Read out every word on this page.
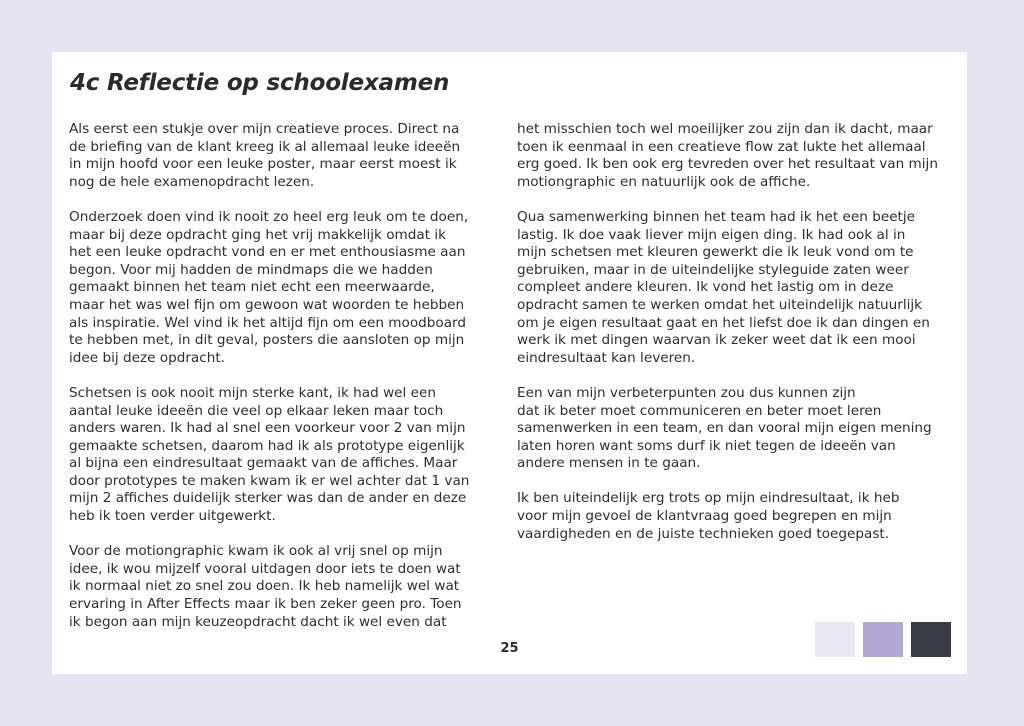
4c Reflectie op schoolexamen

Als eerst een stukje over mijn creatieve proces. Direct na
de briefing van de klant kreeg ik al allemaal leuke ideeën
in mijn hoofd voor een leuke poster, maar eerst moest ik
nog de hele examenopdracht lezen.

Onderzoek doen vind ik nooit zo heel erg leuk om te doen,
maar bij deze opdracht ging het vrij makkelijk omdat ik
het een leuke opdracht vond en er met enthousiasme aan
begon. Voor mij hadden de mindmaps die we hadden
gemaakt binnen het team niet echt een meerwaarde,
maar het was wel fijn om gewoon wat woorden te hebben
als inspiratie. Wel vind ik het altijd fijn om een moodboard
te hebben met, in dit geval, posters die aansloten op mijn
idee bij deze opdracht.

Schetsen is ook nooit mijn sterke kant, ik had wel een
aantal leuke ideeën die veel op elkaar leken maar toch
anders waren. Ik had al snel een voorkeur voor 2 van mijn
gemaakte schetsen, daarom had ik als prototype eigenlijk
al bijna een eindresultaat gemaakt van de affiches. Maar
door prototypes te maken kwam ik er wel achter dat 1 van
mijn 2 affiches duidelijk sterker was dan de ander en deze
heb ik toen verder uitgewerkt.

Voor de motiongraphic kwam ik ook al vrij snel op mijn
idee, ik wou mijzelf vooral uitdagen door iets te doen wat
ik normaal niet zo snel zou doen. Ik heb namelijk wel wat
ervaring in After Effects maar ik ben zeker geen pro. Toen
ik begon aan mijn keuzeopdracht dacht ik wel even dat

het misschien toch wel moeilijker zou zijn dan ik dacht, maar
toen ik eenmaal in een creatieve flow zat lukte het allemaal
erg goed. Ik ben ook erg tevreden over het resultaat van mijn
motiongraphic en natuurlijk ook de affiche.

Qua samenwerking binnen het team had ik het een beetje
lastig. Ik doe vaak liever mijn eigen ding. Ik had ook al in
mijn schetsen met kleuren gewerkt die ik leuk vond om te
gebruiken, maar in de uiteindelijke styleguide zaten weer
compleet andere kleuren. Ik vond het lastig om in deze
opdracht samen te werken omdat het uiteindelijk natuurlijk
om je eigen resultaat gaat en het liefst doe ik dan dingen en
werk ik met dingen waarvan ik zeker weet dat ik een mooi
eindresultaat kan leveren.

Een van mijn verbeterpunten zou dus kunnen zijn
dat ik beter moet communiceren en beter moet leren
samenwerken in een team, en dan vooral mijn eigen mening
laten horen want soms durf ik niet tegen de ideeën van
andere mensen in te gaan.

Ik ben uiteindelijk erg trots op mijn eindresultaat, ik heb
voor mijn gevoel de klantvraag goed begrepen en mijn
vaardigheden en de juiste technieken goed toegepast.

25
